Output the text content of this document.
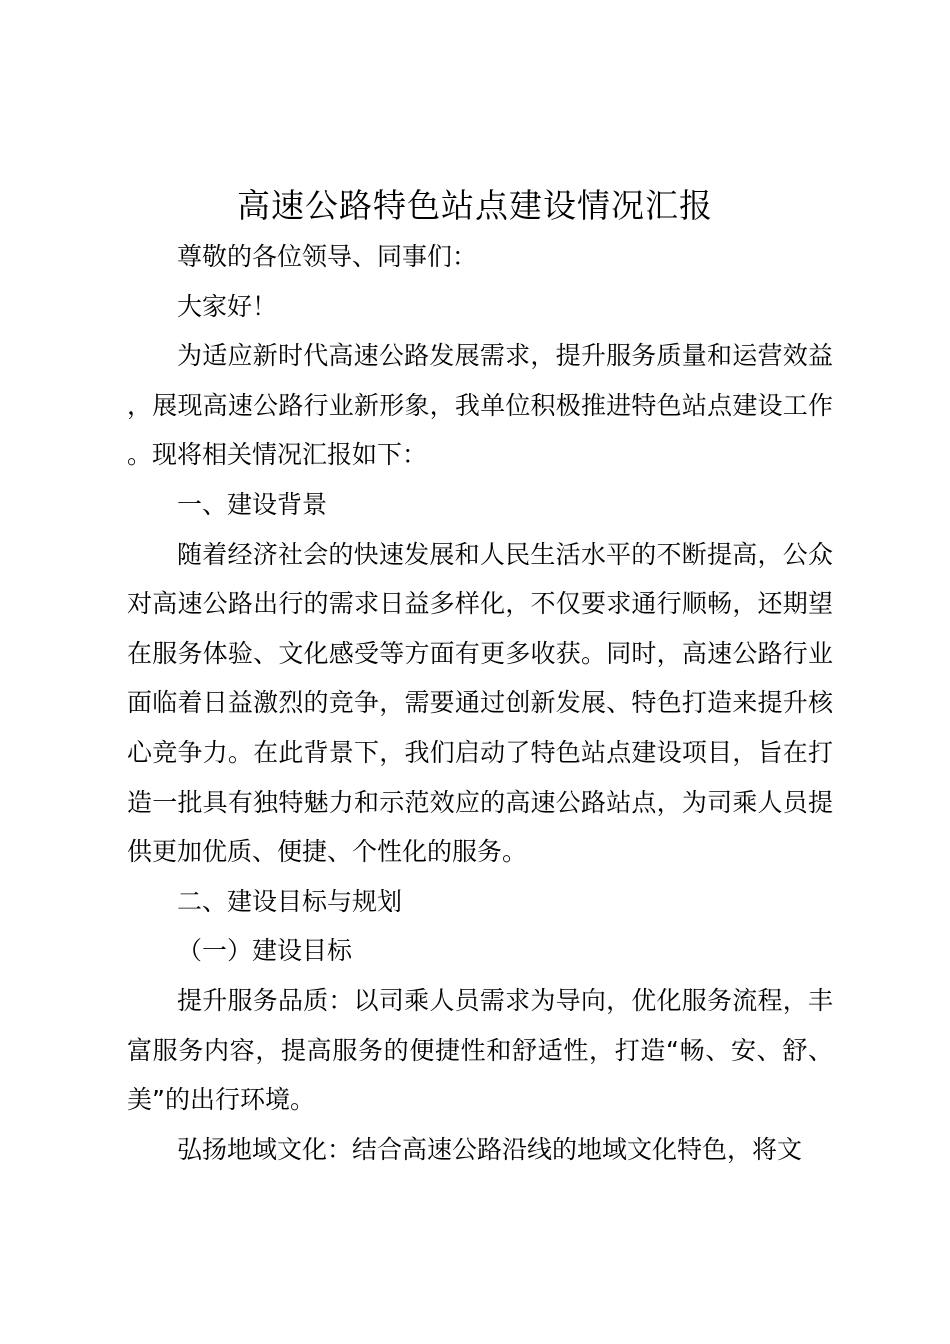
高速公路特色站点建设情况汇报

尊敬的各位领导、同事们：

大家好！

为适应新时代高速公路发展需求，提升服务质量和运营效益，展现高速公路行业新形象，我单位积极推进特色站点建设工作。现将相关情况汇报如下：

一、建设背景

随着经济社会的快速发展和人民生活水平的不断提高，公众对高速公路出行的需求日益多样化，不仅要求通行顺畅，还期望在服务体验、文化感受等方面有更多收获。同时，高速公路行业面临着日益激烈的竞争，需要通过创新发展、特色打造来提升核心竞争力。在此背景下，我们启动了特色站点建设项目，旨在打造一批具有独特魅力和示范效应的高速公路站点，为司乘人员提供更加优质、便捷、个性化的服务。

二、建设目标与规划

（一）建设目标

提升服务品质：以司乘人员需求为导向，优化服务流程，丰富服务内容，提高服务的便捷性和舒适性，打造“畅、安、舒、美”的出行环境。

弘扬地域文化：结合高速公路沿线的地域文化特色，将文
